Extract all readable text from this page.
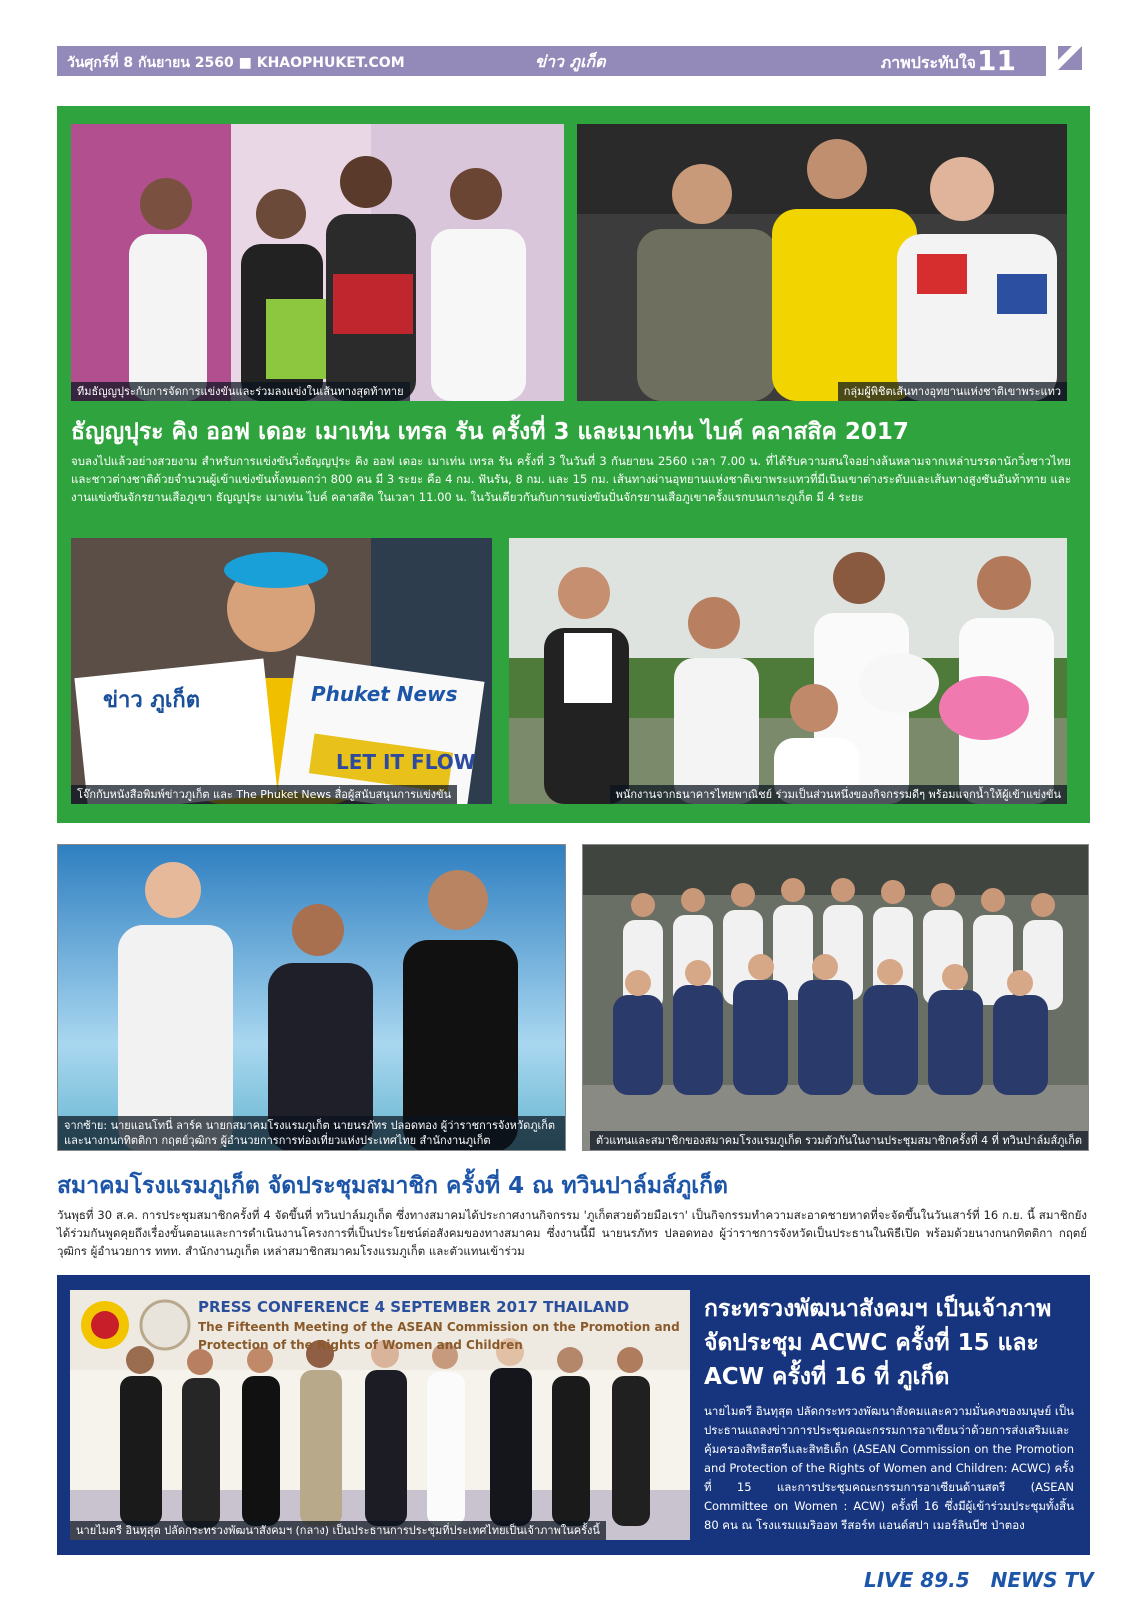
วันศุกร์ที่ 8 กันยายน 2560 ■ KHAOPHUKET.COM	ข่าว ภูเก็ต	ภาพประทับใจ 11
ทีมธัญญปุระกับการจัดการแข่งขันและร่วมลงแข่งในเส้นทางสุดท้าทาย	กลุ่มผู้พิชิตเส้นทางอุทยานแห่งชาติเขาพระแทว
ธัญญปุระ คิง ออฟ เดอะ เมาเท่น เทรล รัน ครั้งที่ 3 และเมาเท่น ไบค์ คลาสสิค 2017
จบลงไปแล้วอย่างสวยงาม สำหรับการแข่งขันวิ่งธัญญปุระ คิง ออฟ เดอะ เมาเท่น เทรล รัน ครั้งที่ 3 ในวันที่ 3 กันยายน 2560 เวลา 7.00 น. ที่ได้รับความสนใจอย่างล้นหลามจากเหล่าบรรดานักวิ่งชาวไทยและชาวต่างชาติด้วยจำนวนผู้เข้าแข่งขันทั้งหมดกว่า 800 คน มี 3 ระยะ คือ 4 กม. ฟันรัน, 8 กม. และ 15 กม. เส้นทางผ่านอุทยานแห่งชาติเขาพระแทวที่มีเนินเขาต่างระดับและเส้นทางสูงชันอันท้าทาย และงานแข่งขันจักรยานเสือภูเขา ธัญญปุระ เมาเท่น ไบค์ คลาสสิค ในเวลา 11.00 น. ในวันเดียวกันกับการแข่งขันปั่นจักรยานเสือภูเขาครั้งแรกบนเกาะภูเก็ต มี 4 ระยะ
ข่าว ภูเก็ต	Phuket News
LET IT FLOW
โจ๊กกับหนังสือพิมพ์ข่าวภูเก็ต และ The Phuket News สื่อผู้สนับสนุนการแข่งขัน	พนักงานจากธนาคารไทยพาณิชย์ ร่วมเป็นส่วนหนึ่งของกิจกรรมดีๆ พร้อมแจกน้ำให้ผู้เข้าแข่งขัน
จากซ้าย: นายแอนโทนี่ ลาร์ค นายกสมาคมโรงแรมภูเก็ต นายนรภัทร ปลอดทอง ผู้ว่าราชการจังหวัดภูเก็ต และนางกนกทิตติกา กฤตย์วุฒิกร ผู้อำนวยการการท่องเที่ยวแห่งประเทศไทย สำนักงานภูเก็ต	ตัวแทนและสมาชิกของสมาคมโรงแรมภูเก็ต รวมตัวกันในงานประชุมสมาชิกครั้งที่ 4 ที่ ทวินปาล์มส์ภูเก็ต
สมาคมโรงแรมภูเก็ต จัดประชุมสมาชิก ครั้งที่ 4 ณ ทวินปาล์มส์ภูเก็ต
วันพุธที่ 30 ส.ค. การประชุมสมาชิกครั้งที่ 4 จัดขึ้นที่ ทวินปาล์มภูเก็ต ซึ่งทางสมาคมได้ประกาศงานกิจกรรม 'ภูเก็ตสวยด้วยมือเรา' เป็นกิจกรรมทำความสะอาดชายหาดที่จะจัดขึ้นในวันเสาร์ที่ 16 ก.ย. นี้ สมาชิกยังได้ร่วมกันพูดคุยถึงเรื่องขั้นตอนและการดำเนินงานโครงการที่เป็นประโยชน์ต่อสังคมของทางสมาคม ซึ่งงานนี้มี นายนรภัทร ปลอดทอง ผู้ว่าราชการจังหวัดเป็นประธานในพิธีเปิด พร้อมด้วยนางกนกทิตติกา กฤตย์วุฒิกร ผู้อำนวยการ ททท. สำนักงานภูเก็ต เหล่าสมาชิกสมาคมโรงแรมภูเก็ต และตัวแทนเข้าร่วม
PRESS CONFERENCE 4 SEPTEMBER 2017 THAILAND
The Fifteenth Meeting of the ASEAN Commission on the Promotion and
Protection of the Rights of Women and Children
นายไมตรี อินทุสุต ปลัดกระทรวงพัฒนาสังคมฯ (กลาง) เป็นประธานการประชุมที่ประเทศไทยเป็นเจ้าภาพในครั้งนี้
กระทรวงพัฒนาสังคมฯ เป็นเจ้าภาพ
จัดประชุม ACWC ครั้งที่ 15 และ
ACW ครั้งที่ 16 ที่ ภูเก็ต
นายไมตรี อินทุสุต ปลัดกระทรวงพัฒนาสังคมและความมั่นคงของมนุษย์ เป็นประธานแถลงข่าวการประชุมคณะกรรมการอาเซียนว่าด้วยการส่งเสริมและคุ้มครองสิทธิสตรีและสิทธิเด็ก (ASEAN Commission on the Promotion and Protection of the Rights of Women and Children: ACWC) ครั้งที่ 15 และการประชุมคณะกรรมการอาเซียนด้านสตรี (ASEAN Committee on Women : ACW) ครั้งที่ 16 ซึ่งมีผู้เข้าร่วมประชุมทั้งสิ้น 80 คน ณ โรงแรมแมริออท รีสอร์ท แอนด์สปา เมอร์ลินบีช ป่าตอง
LIVE 89.5 NEWS TV
